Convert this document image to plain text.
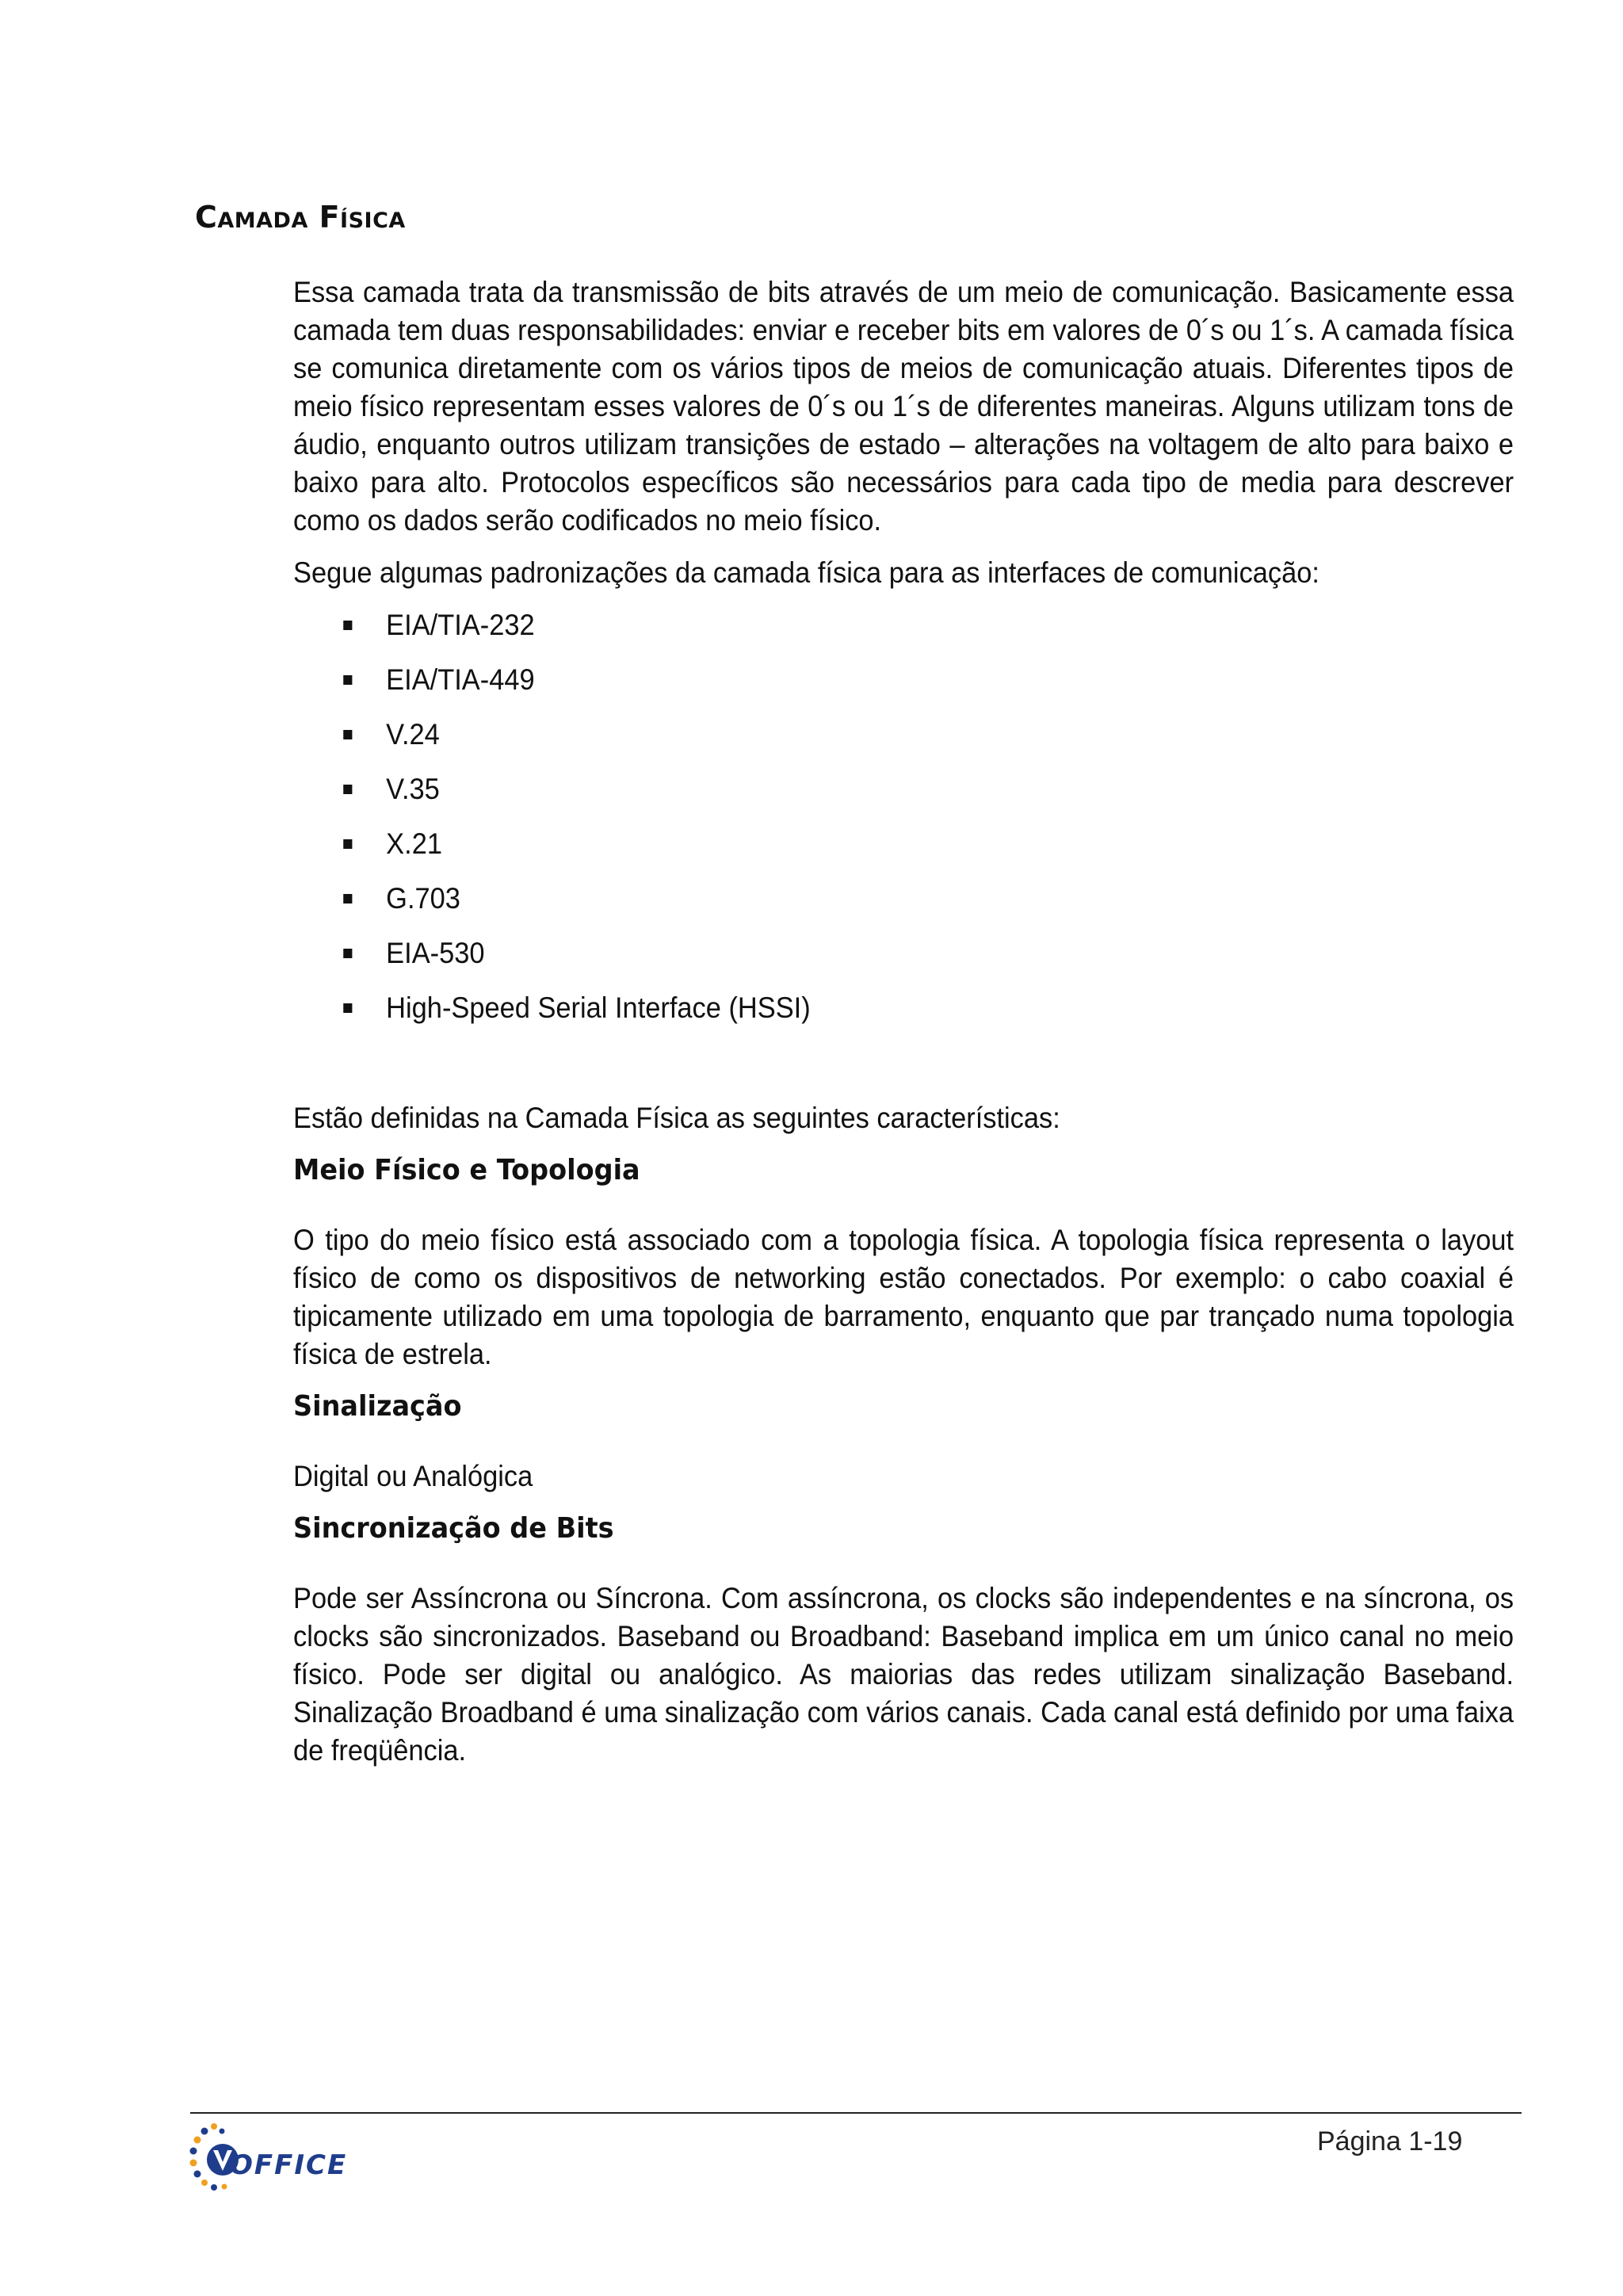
Camada Física

Essa camada trata da transmissão de bits através de um meio de comunicação. Basicamente essa camada tem duas responsabilidades: enviar e receber bits em valores de 0´s ou 1´s. A camada física se comunica diretamente com os vários tipos de meios de comunicação atuais. Diferentes tipos de meio físico representam esses valores de 0´s ou 1´s de diferentes maneiras. Alguns utilizam tons de áudio, enquanto outros utilizam transições de estado – alterações na voltagem de alto para baixo e baixo para alto. Protocolos específicos são necessários para cada tipo de media para descrever como os dados serão codificados no meio físico.

Segue algumas padronizações da camada física para as interfaces de comunicação:

EIA/TIA-232
EIA/TIA-449
V.24
V.35
X.21
G.703
EIA-530
High-Speed Serial Interface (HSSI)

Estão definidas na Camada Física as seguintes características:

Meio Físico e Topologia

O tipo do meio físico está associado com a topologia física. A topologia física representa o layout físico de como os dispositivos de networking estão conectados. Por exemplo: o cabo coaxial é tipicamente utilizado em uma topologia de barramento, enquanto que par trançado numa topologia física de estrela.

Sinalização

Digital ou Analógica

Sincronização de Bits

Pode ser Assíncrona ou Síncrona. Com assíncrona, os clocks são independentes e na síncrona, os clocks são sincronizados. Baseband ou Broadband: Baseband implica em um único canal no meio físico. Pode ser digital ou analógico. As maiorias das redes utilizam sinalização Baseband. Sinalização Broadband é uma sinalização com vários canais. Cada canal está definido por uma faixa de freqüência.

OFFICE
Página 1-19
